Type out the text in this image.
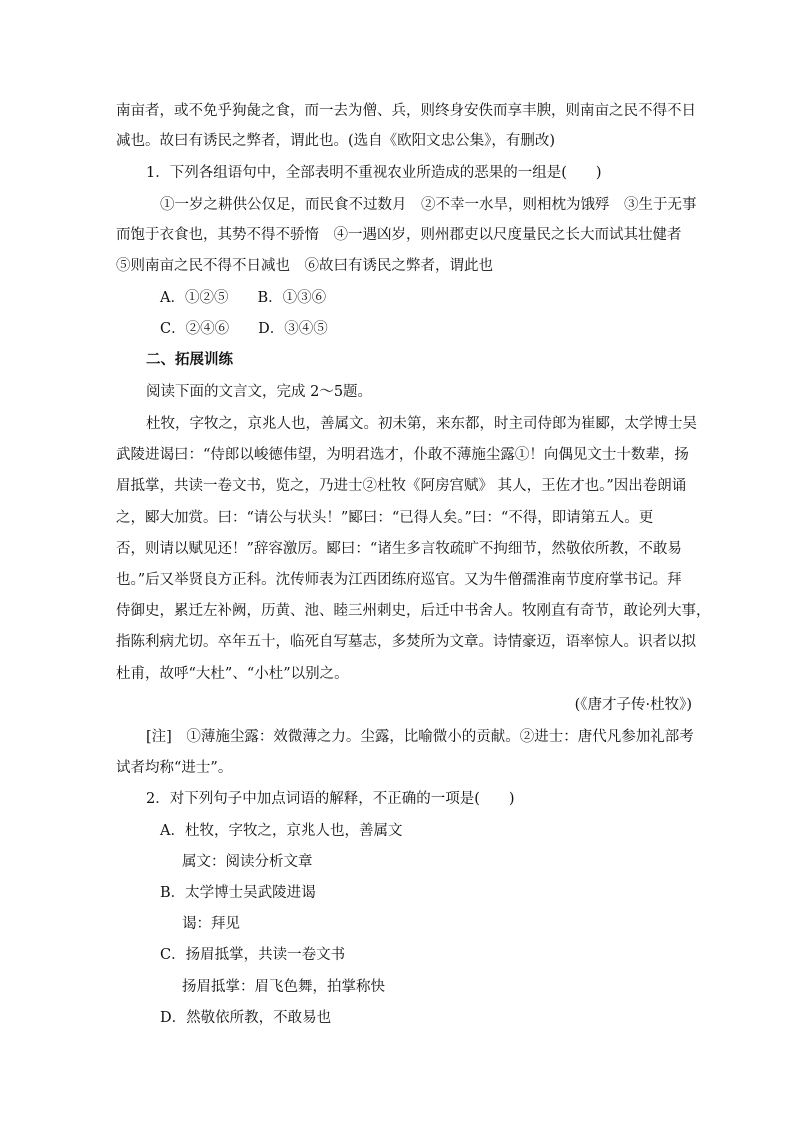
南亩者，或不免乎狗彘之食，而一去为僧、兵，则终身安佚而享丰腴，则南亩之民不得不日
减也。故曰有诱民之弊者，谓此也。(选自《欧阳文忠公集》，有删改)
1．下列各组语句中，全部表明不重视农业所造成的恶果的一组是(　　)
①一岁之耕供公仅足，而民食不过数月　②不幸一水旱，则相枕为饿殍　③生于无事
而饱于衣食也，其势不得不骄惰　④一遇凶岁，则州郡吏以尺度量民之长大而试其壮健者
⑤则南亩之民不得不日减也　⑥故曰有诱民之弊者，谓此也
A．①②⑤　　B．①③⑥
C．②④⑥　　D．③④⑤
二、拓展训练
阅读下面的文言文，完成 2～5题。
杜牧，字牧之，京兆人也，善属文。初未第，来东都，时主司侍郎为崔郾，太学博士吴
武陵进谒曰：“侍郎以峻德伟望，为明君选才，仆敢不薄施尘露①！向偶见文士十数辈，扬
眉抵掌，共读一卷文书，览之，乃进士②杜牧《阿房宫赋》 其人，王佐才也。”因出卷朗诵
之，郾大加赏。曰：“请公与状头！”郾曰：“已得人矣。”曰：“不得，即请第五人。更
否，则请以赋见还！”辞容激厉。郾曰：“诸生多言牧疏旷不拘细节，然敬依所教，不敢易
也。”后又举贤良方正科。沈传师表为江西团练府巡官。又为牛僧孺淮南节度府掌书记。拜
侍御史，累迁左补阙，历黄、池、睦三州刺史，后迁中书舍人。牧刚直有奇节，敢论列大事，
指陈利病尤切。卒年五十，临死自写墓志，多焚所为文章。诗情豪迈，语率惊人。识者以拟
杜甫，故呼“大杜”、“小杜”以别之。
(《唐才子传·杜牧》)
[注]　①薄施尘露：效微薄之力。尘露，比喻微小的贡献。②进士：唐代凡参加礼部考
试者均称“进士”。
2．对下列句子中加点词语的解释，不正确的一项是(　　)
A．杜牧，字牧之，京兆人也，善属文
属文：阅读分析文章
B．太学博士吴武陵进谒
谒：拜见
C．扬眉抵掌，共读一卷文书
扬眉抵掌：眉飞色舞，拍掌称快
D．然敬依所教，不敢易也
